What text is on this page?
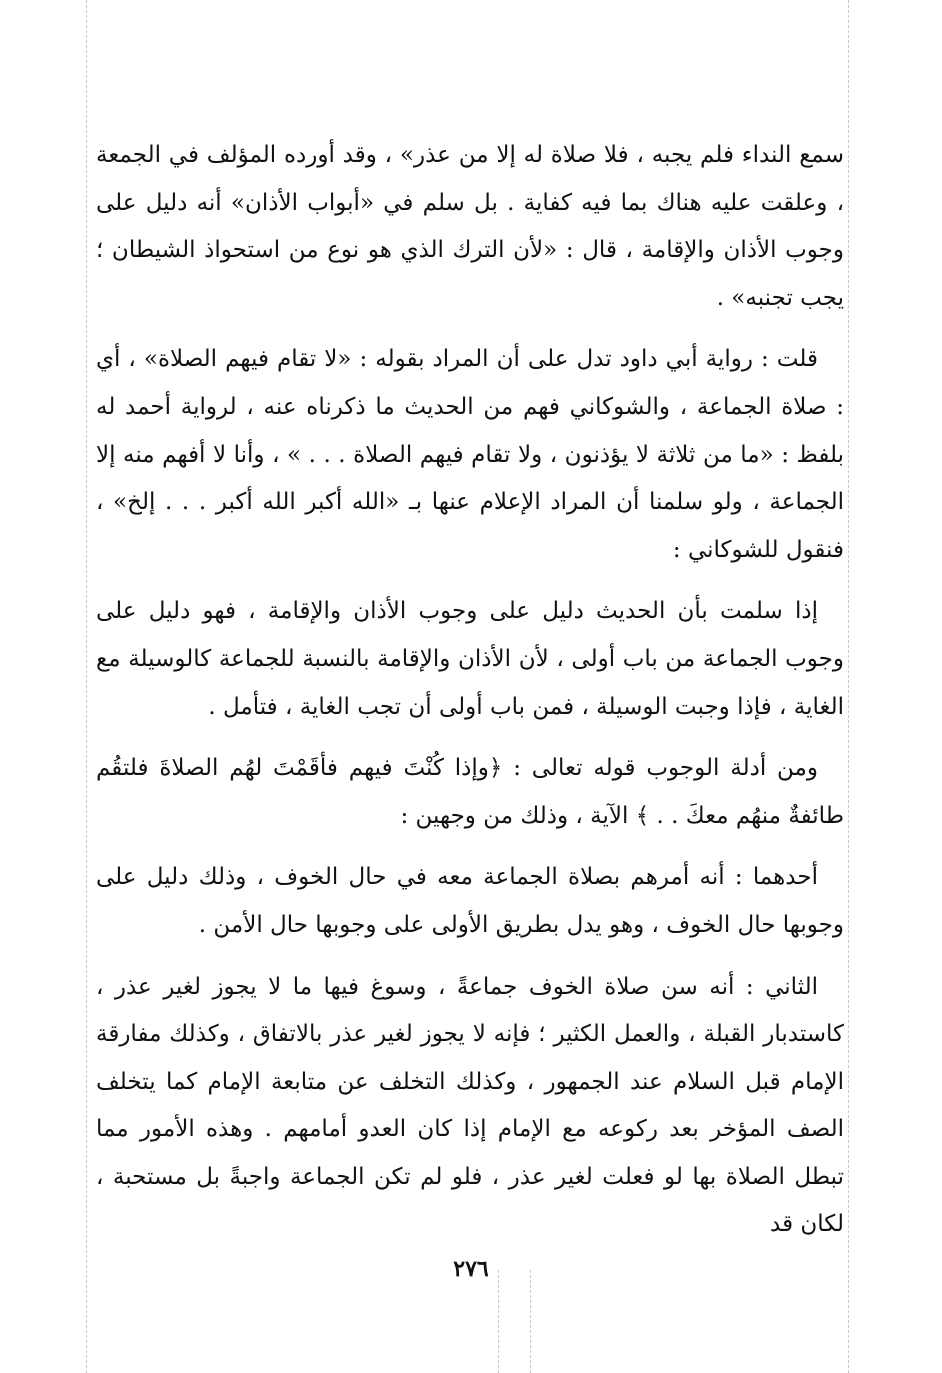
سمع النداء فلم يجبه ، فلا صلاة له إلا من عذر» ، وقد أورده المؤلف في الجمعة ، وعلقت عليه هناك بما فيه كفاية . بل سلم في «أبواب الأذان» أنه دليل على وجوب الأذان والإقامة ، قال : «لأن الترك الذي هو نوع من استحواذ الشيطان ؛ يجب تجنبه» .

قلت : رواية أبي داود تدل على أن المراد بقوله : «لا تقام فيهم الصلاة» ، أي : صلاة الجماعة ، والشوكاني فهم من الحديث ما ذكرناه عنه ، لرواية أحمد له بلفظ : «ما من ثلاثة لا يؤذنون ، ولا تقام فيهم الصلاة . . . » ، وأنا لا أفهم منه إلا الجماعة ، ولو سلمنا أن المراد الإعلام عنها بـ «الله أكبر الله أكبر . . . إلخ» ، فنقول للشوكاني :

إذا سلمت بأن الحديث دليل على وجوب الأذان والإقامة ، فهو دليل على وجوب الجماعة من باب أولى ، لأن الأذان والإقامة بالنسبة للجماعة كالوسيلة مع الغاية ، فإذا وجبت الوسيلة ، فمن باب أولى أن تجب الغاية ، فتأمل .

ومن أدلة الوجوب قوله تعالى : ﴿وإذا كُنْتَ فيهم فأقَمْتَ لهُم الصلاةَ فلتقُم طائفةٌ منهُم معكَ . . ﴾ الآية ، وذلك من وجهين :

أحدهما : أنه أمرهم بصلاة الجماعة معه في حال الخوف ، وذلك دليل على وجوبها حال الخوف ، وهو يدل بطريق الأولى على وجوبها حال الأمن .

الثاني : أنه سن صلاة الخوف جماعةً ، وسوغ فيها ما لا يجوز لغير عذر ، كاستدبار القبلة ، والعمل الكثير ؛ فإنه لا يجوز لغير عذر بالاتفاق ، وكذلك مفارقة الإمام قبل السلام عند الجمهور ، وكذلك التخلف عن متابعة الإمام كما يتخلف الصف المؤخر بعد ركوعه مع الإمام إذا كان العدو أمامهم . وهذه الأمور مما تبطل الصلاة بها لو فعلت لغير عذر ، فلو لم تكن الجماعة واجبةً بل مستحبة ، لكان قد

٢٧٦
